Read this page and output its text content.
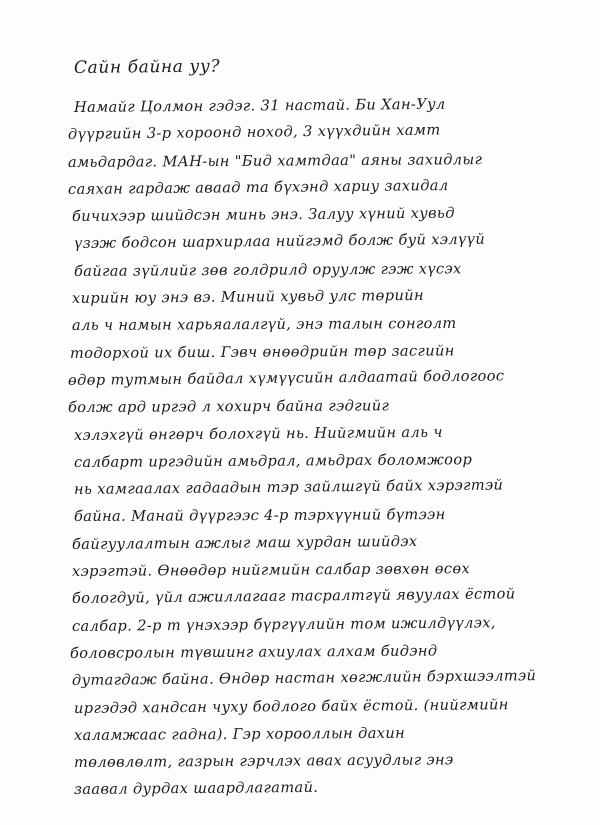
Сайн байна уу?
Намайг Цолмон гэдэг. 31 настай. Би Хан-Уул
дүүргийн 3-р хороонд ноход, 3 хүүхдийн хамт
амьдардаг. МАН-ын "Бид хамтдаа" аяны захидлыг
саяхан гардаж аваад та бүхэнд хариу захидал
бичихээр шийдсэн минь энэ. Залуу хүний хувьд
үзэж бодсон шархирлаа нийгэмд болж буй хэлүүй
байгаа зүйлийг зөв голдрилд оруулж гэж хүсэх
хирийн юу энэ вэ. Миний хувьд улс төрийн
аль ч намын харьяалалгүй, энэ талын сонголт
тодорхой их биш. Гэвч өнөөдрийн төр засгийн
өдөр тутмын байдал хүмүүсийн алдаатай бодлогоос
болж ард иргэд л хохирч байна гэдгийг
хэлэхгүй өнгөрч болохгүй нь. Нийгмийн аль ч
салбарт иргэдийн амьдрал, амьдрах боломжоор
нь хамгаалах гадаадын тэр зайлшгүй байх хэрэгтэй
байна. Манай дүүргээс 4-р тэрхүүний бүтээн
байгуулалтын ажлыг маш хурдан шийдэх
хэрэгтэй. Өнөөдөр нийгмийн салбар зөвхөн өсөх
бологдуй, үйл ажиллагааг тасралтгүй явуулах ёстой
салбар. 2-р т үнэхээр бүргүүлийн том ижилдүүлэх,
боловсролын түвшинг ахиулах алхам бидэнд
дутагдаж байна. Өндөр настан хөгжлийн бэрхшээлтэй
иргэдэд хандсан чуху бодлого байх ёстой. (нийгмийн
халамжаас гадна). Гэр хорооллын дахин
төлөвлөлт, газрын гэрчлэх авах асуудлыг энэ
заавал дурдах шаардлагатай.
